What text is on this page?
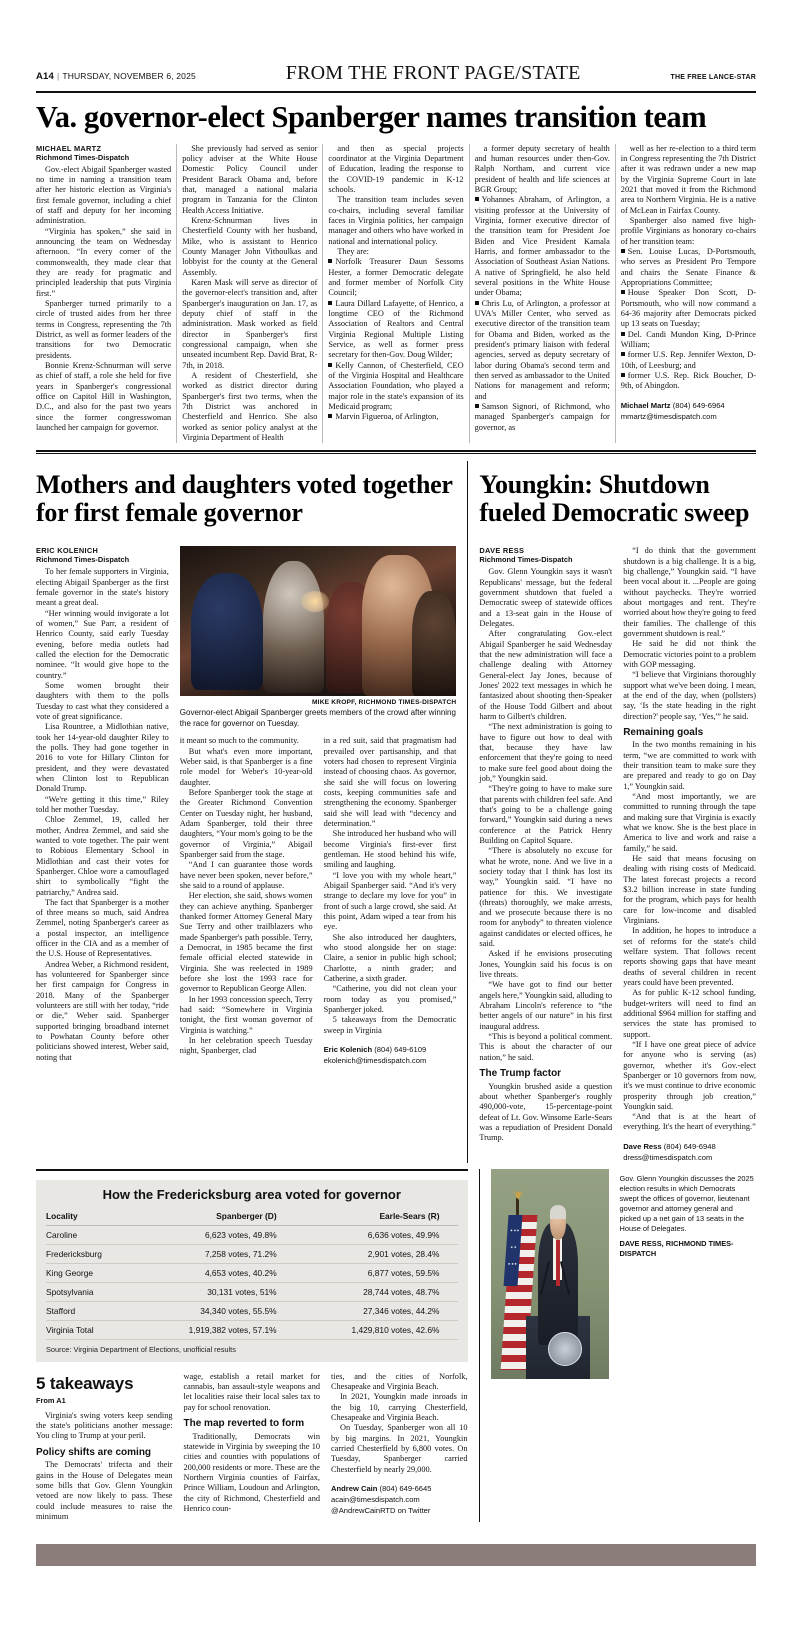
A14 | THURSDAY, NOVEMBER 6, 2025	FROM THE FRONT PAGE/STATE	THE FREE LANCE-STAR
Va. governor-elect Spanberger names transition team
MICHAEL MARTZ
Richmond Times-Dispatch

Gov.-elect Abigail Spanberger wasted no time in naming a transition team after her historic election as Virginia's first female governor, including a chief of staff and deputy for her incoming administration.

“Virginia has spoken,” she said in announcing the team on Wednesday afternoon. “In every corner of the commonwealth, they made clear that they are ready for pragmatic and principled leadership that puts Virginia first.”

Spanberger turned primarily to a circle of trusted aides from her three terms in Congress, representing the 7th District, as well as former leaders of the transitions for two Democratic presidents.

Bonnie Krenz-Schnurman will serve as chief of staff, a role she held for five years in Spanberger's congressional office on Capitol Hill in Washington, D.C., and also for the past two years since the former congresswoman launched her campaign for governor.

She previously had served as senior policy adviser at the White House Domestic Policy Council under President Barack Obama and, before that, managed a national malaria program in Tanzania for the Clinton Health Access Initiative.

Krenz-Schnurman lives in Chesterfield County with her husband, Mike, who is assistant to Henrico County Manager John Vithoulkas and lobbyist for the county at the General Assembly.

Karen Mask will serve as director of the governor-elect's transition and, after Spanberger's inauguration on Jan. 17, as deputy chief of staff in the administration. Mask worked as field director in Spanberger's first congressional campaign, when she unseated incumbent Rep. David Brat, R-7th, in 2018.

A resident of Chesterfield, she worked as district director during Spanberger's first two terms, when the 7th District was anchored in Chesterfield and Henrico. She also worked as senior policy analyst at the Virginia Department of Health

and then as special projects coordinator at the Virginia Department of Education, leading the response to the COVID-19 pandemic in K-12 schools.

The transition team includes seven co-chairs, including several familiar faces in Virginia politics, her campaign manager and others who have worked in national and international policy.

They are:

Norfolk Treasurer Daun Sessoms Hester, a former Democratic delegate and former member of Norfolk City Council;

Laura Dillard Lafayette, of Henrico, a longtime CEO of the Richmond Association of Realtors and Central Virginia Regional Multiple Listing Service, as well as former press secretary for then-Gov. Doug Wilder;

Kelly Cannon, of Chesterfield, CEO of the Virginia Hospital and Healthcare Association Foundation, who played a major role in the state's expansion of its Medicaid program;

Marvin Figueroa, of Arlington,

a former deputy secretary of health and human resources under then-Gov. Ralph Northam, and current vice president of health and life sciences at BGR Group;

Yohannes Abraham, of Arlington, a visiting professor at the University of Virginia, former executive director of the transition team for President Joe Biden and Vice President Kamala Harris, and former ambassador to the Association of Southeast Asian Nations. A native of Springfield, he also held several positions in the White House under Obama;

Chris Lu, of Arlington, a professor at UVA's Miller Center, who served as executive director of the transition team for Obama and Biden, worked as the president's primary liaison with federal agencies, served as deputy secretary of labor during Obama's second term and then served as ambassador to the United Nations for management and reform; and

Samson Signori, of Richmond, who managed Spanberger's campaign for governor, as

well as her re-election to a third term in Congress representing the 7th District after it was redrawn under a new map by the Virginia Supreme Court in late 2021 that moved it from the Richmond area to Northern Virginia. He is a native of McLean in Fairfax County.

Spanberger also named five high-profile Virginians as honorary co-chairs of her transition team:

Sen. Louise Lucas, D-Portsmouth, who serves as President Pro Tempore and chairs the Senate Finance & Appropriations Committee;

House Speaker Don Scott, D-Portsmouth, who will now command a 64-36 majority after Democrats picked up 13 seats on Tuesday;

Del. Candi Mundon King, D-Prince William;

former U.S. Rep. Jennifer Wexton, D-10th, of Leesburg; and

former U.S. Rep. Rick Boucher, D-9th, of Abingdon.

Michael Martz (804) 649-6964
mmartz@timesdispatch.com
Mothers and daughters voted together for first female governor
Youngkin: Shutdown fueled Democratic sweep
ERIC KOLENICH
Richmond Times-Dispatch

To her female supporters in Virginia, electing Abigail Spanberger as the first female governor in the state's history meant a great deal.

“Her winning would invigorate a lot of women,” Sue Parr, a resident of Henrico County, said early Tuesday evening, before media outlets had called the election for the Democratic nominee. “It would give hope to the country.”

Some women brought their daughters with them to the polls Tuesday to cast what they considered a vote of great significance.

Lisa Rountree, a Midlothian native, took her 14-year-old daughter Riley to the polls. They had gone together in 2016 to vote for Hillary Clinton for president, and they were devastated when Clinton lost to Republican Donald Trump.

“We're getting it this time,” Riley told her mother Tuesday.

Chloe Zemmel, 19, called her mother, Andrea Zemmel, and said she wanted to vote together. The pair went to Robious Elementary School in Midlothian and cast their votes for Spanberger. Chloe wore a camouflaged shirt to symbolically “fight the patriarchy,” Andrea said.

The fact that Spanberger is a mother of three means so much, said Andrea Zemmel, noting Spanberger's career as a postal inspector, an intelligence officer in the CIA and as a member of the U.S. House of Representatives.

Andrea Weber, a Richmond resident, has volunteered for Spanberger since her first campaign for Congress in 2018. Many of the Spanberger volunteers are still with her today, “ride or die,” Weber said. Spanberger supported bringing broadband internet to Powhatan County before other politicians showed interest, Weber said, noting that

MIKE KROPF, RICHMOND TIMES-DISPATCH
Governor-elect Abigail Spanberger greets members of the crowd after winning the race for governor on Tuesday.

it meant so much to the community.

But what's even more important, Weber said, is that Spanberger is a fine role model for Weber's 10-year-old daughter.

Before Spanberger took the stage at the Greater Richmond Convention Center on Tuesday night, her husband, Adam Spanberger, told their three daughters, “Your mom's going to be the governor of Virginia,” Abigail Spanberger said from the stage.

“And I can guarantee those words have never been spoken, never before,” she said to a round of applause.

Her election, she said, shows women they can achieve anything. Spanberger thanked former Attorney General Mary Sue Terry and other trailblazers who made Spanberger's path possible. Terry, a Democrat, in 1985 became the first female official elected statewide in Virginia. She was reelected in 1989 before she lost the 1993 race for governor to Republican George Allen.

In her 1993 concession speech, Terry had said: “Somewhere in Virginia tonight, the first woman governor of Virginia is watching.”

In her celebration speech Tuesday night, Spanberger, clad

in a red suit, said that pragmatism had prevailed over partisanship, and that voters had chosen to represent Virginia instead of choosing chaos. As governor, she said she will focus on lowering costs, keeping communities safe and strengthening the economy. Spanberger said she will lead with “decency and determination.”

She introduced her husband who will become Virginia's first-ever first gentleman. He stood behind his wife, smiling and laughing.

“I love you with my whole heart,” Abigail Spanberger said. “And it's very strange to declare my love for you” in front of such a large crowd, she said. At this point, Adam wiped a tear from his eye.

She also introduced her daughters, who stood alongside her on stage: Claire, a senior in public high school; Charlotte, a ninth grader; and Catherine, a sixth grader.

“Catherine, you did not clean your room today as you promised,” Spanberger joked.

5 takeaways from the Democratic sweep in Virginia

Eric Kolenich (804) 649-6109
ekolenich@timesdispatch.com
DAVE RESS
Richmond Times-Dispatch

Gov. Glenn Youngkin says it wasn't Republicans' message, but the federal government shutdown that fueled a Democratic sweep of statewide offices and a 13-seat gain in the House of Delegates.

After congratulating Gov.-elect Abigail Spanberger he said Wednesday that the new administration will face a challenge dealing with Attorney General-elect Jay Jones, because of Jones' 2022 text messages in which he fantasized about shooting then-Speaker of the House Todd Gilbert and about harm to Gilbert's children.

“The next administration is going to have to figure out how to deal with that, because they have law enforcement that they're going to need to make sure feel good about doing the job,” Youngkin said.

“They're going to have to make sure that parents with children feel safe. And that's going to be a challenge going forward,” Youngkin said during a news conference at the Patrick Henry Building on Capitol Square.

“There is absolutely no excuse for what he wrote, none. And we live in a society today that I think has lost its way,” Youngkin said. “I have no patience for this. We investigate (threats) thoroughly, we make arrests, and we prosecute because there is no room for anybody” to threaten violence against candidates or elected offices, he said.

Asked if he envisions prosecuting Jones, Youngkin said his focus is on live threats.

“We have got to find our better angels here,” Youngkin said, alluding to Abraham Lincoln's reference to “the better angels of our nature” in his first inaugural address.

“This is beyond a political comment. This is about the character of our nation,” he said.

The Trump factor

Youngkin brushed aside a question about whether Spanberger's roughly 490,000-vote, 15-percentage-point defeat of Lt. Gov. Winsome Earle-Sears was a repudiation of President Donald Trump.

“I do think that the government shutdown is a big challenge. It is a big, big challenge,” Youngkin said. “I have been vocal about it. ...People are going without paychecks. They're worried about mortgages and rent. They're worried about how they're going to feed their families. The challenge of this government shutdown is real.”

He said he did not think the Democratic victories point to a problem with GOP messaging.

“I believe that Virginians thoroughly support what we've been doing. I mean, at the end of the day, when (pollsters) say, ‘Is the state heading in the right direction?' people say, ‘Yes,'” he said.

Remaining goals

In the two months remaining in his term, “we are committed to work with their transition team to make sure they are prepared and ready to go on Day 1,” Youngkin said.

“And most importantly, we are committed to running through the tape and making sure that Virginia is exactly what we know. She is the best place in America to live and work and raise a family,” he said.

He said that means focusing on dealing with rising costs of Medicaid. The latest forecast projects a record $3.2 billion increase in state funding for the program, which pays for health care for low-income and disabled Virginians.

In addition, he hopes to introduce a set of reforms for the state's child welfare system. That follows recent reports showing gaps that have meant deaths of several children in recent years could have been prevented.

As for public K-12 school funding, budget-writers will need to find an additional $964 million for staffing and services the state has promised to support.

“If I have one great piece of advice for anyone who is serving (as) governor, whether it's Gov.-elect Spanberger or 10 governors from now, it's we must continue to drive economic prosperity through job creation,” Youngkin said.

“And that is at the heart of everything. It's the heart of everything.”

Dave Ress (804) 649-6948
dress@timesdispatch.com
How the Fredericksburg area voted for governor
Locality	Spanberger (D)	Earle-Sears (R)
Caroline	6,623 votes, 49.8%	6,636 votes, 49.9%
Fredericksburg	7,258 votes, 71.2%	2,901 votes, 28.4%
King George	4,653 votes, 40.2%	6,877 votes, 59.5%
Spotsylvania	30,131 votes, 51%	28,744 votes, 48.7%
Stafford	34,340 votes, 55.5%	27,346 votes, 44.2%
Virginia Total	1,919,382 votes, 57.1%	1,429,810 votes, 42.6%
Source: Virginia Department of Elections, unofficial results
5 takeaways
From A1

Virginia's swing voters keep sending the state's politicians another message: You cling to Trump at your peril.

Policy shifts are coming

The Democrats' trifecta and their gains in the House of Delegates mean some bills that Gov. Glenn Youngkin vetoed are now likely to pass. These could include measures to raise the minimum

wage, establish a retail market for cannabis, ban assault-style weapons and let localities raise their local sales tax to pay for school renovation.

The map reverted to form

Traditionally, Democrats win statewide in Virginia by sweeping the 10 cities and counties with populations of 200,000 residents or more. These are the Northern Virginia counties of Fairfax, Prince William, Loudoun and Arlington, the city of Richmond, Chesterfield and Henrico coun-

ties, and the cities of Norfolk, Chesapeake and Virginia Beach.

In 2021, Youngkin made inroads in the big 10, carrying Chesterfield, Chesapeake and Virginia Beach.

On Tuesday, Spanberger won all 10 by big margins. In 2021, Youngkin carried Chesterfield by 6,800 votes. On Tuesday, Spanberger carried Chesterfield by nearly 29,000.

Andrew Cain (804) 649-6645
acain@timesdispatch.com
@AndrewCainRTD on Twitter
Gov. Glenn Youngkin discusses the 2025 election results in which Democrats swept the offices of governor, lieutenant governor and attorney general and picked up a net gain of 13 seats in the House of Delegates.
DAVE RESS, RICHMOND TIMES-DISPATCH
